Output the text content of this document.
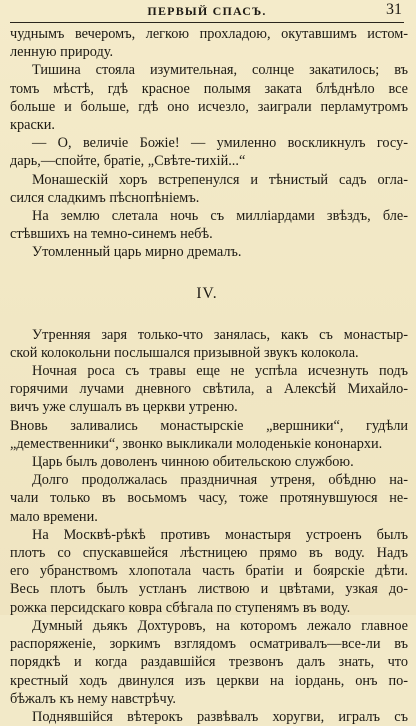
ПЕРВЫЙ СПАСЪ.	31
чуднымъ вечеромъ, легкою прохладою, окутавшимъ истом-
ленную природу.
Тишина стояла изумительная, солнце закатилось; въ
томъ мѣстѣ, гдѣ красное полымя заката блѣднѣло все
больше и больше, гдѣ оно исчезло, заиграли перламутромъ
краски.
— О, величiе Божiе! — умиленно воскликнулъ госу-
дарь,—спойте, братiе, „Свѣте-тихiй...“
Монашескiй хоръ встрепенулся и тѣнистый садъ огла-
сился сладкимъ пѣснопѣнiемъ.
На землю слетала ночь съ миллiардами звѣздъ, бле-
стѣвшихъ на темно-синемъ небѣ.
Утомленный царь мирно дремалъ.
IV.
Утренняя заря только-что занялась, какъ съ монастыр-
ской колокольни послышался призывной звукъ колокола.
Ночная роса съ травы еще не успѣла исчезнуть подъ
горячими лучами дневного свѣтила, а Алексѣй Михайло-
вичъ уже слушалъ въ церкви утреню.
Вновь заливались монастырскiе „вершники“, гудѣли
„демественники“, звонко выкликали молоденькiе конoнархи.
Царь былъ доволенъ чинною обительскою службою.
Долго продолжалась праздничная утреня, обѣдню на-
чали только въ восьмомъ часу, тоже протянувшуюся не-
мало времени.
На Москвѣ-рѣкѣ противъ монастыря устроенъ былъ
плотъ со спускавшейся лѣстницею прямо въ воду. Надъ
его убранствомъ хлопотала часть братiи и боярскiе дѣти.
Весь плотъ былъ устланъ листвою и цвѣтами, узкая до-
рожка персидскаго ковра сбѣгала по ступенямъ въ воду.
Думный дьякъ Дохтуровъ, на которомъ лежало главное
распоряженiе, зоркимъ взглядомъ осматривалъ—все-ли въ
порядкѣ и когда раздавшiйся трезвонъ далъ знать, что
крестный ходъ двинулся изъ церкви на iордань, онъ по-
бѣжалъ къ нему навстрѣчу.
Поднявшiйся вѣтерокъ развѣвалъ хоругви, игралъ съ
